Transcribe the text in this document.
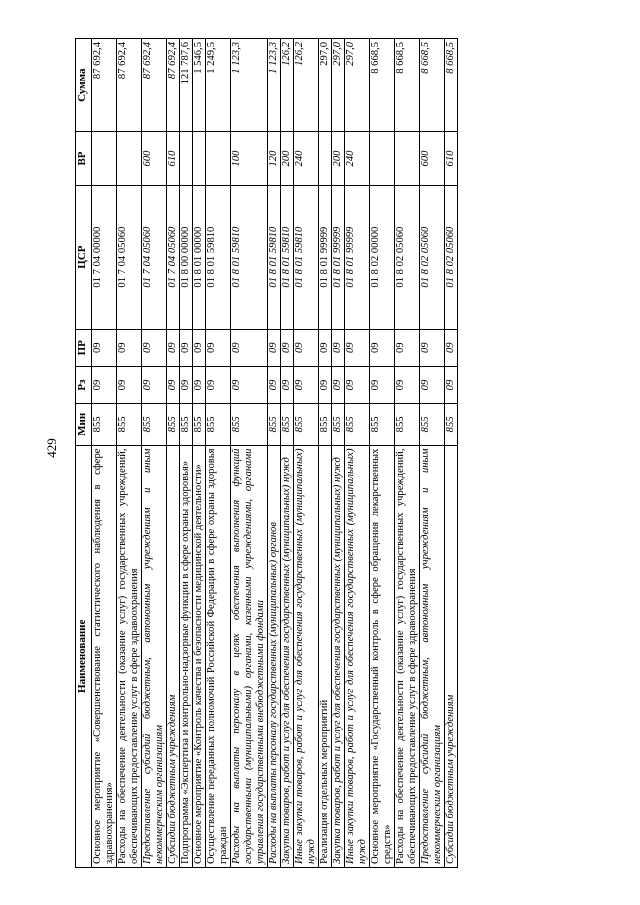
429
Наименование	Мин	Рз	ПР	ЦСР	ВР	Сумма
Основное мероприятие «Совершенствование статистического наблюдения в сфере здравоохранения»	855	09	09	01 7 04 00000		87 692,4
Расходы на обеспечение деятельности (оказание услуг) государственных учреждений, обеспечивающих предоставление услуг в сфере здравоохранения	855	09	09	01 7 04 05060		87 692,4
Предоставление субсидий бюджетным, автономным учреждениям и иным некоммерческим организациям	855	09	09	01 7 04 05060	600	87 692,4
Субсидии бюджетным учреждениям	855	09	09	01 7 04 05060	610	87 692,4
Подпрограмма «Экспертиза и контрольно-надзорные функции в сфере охраны здоровья»	855	09	09	01 8 00 00000		121 787,6
Основное мероприятие «Контроль качества и безопасности медицинской деятельности»	855	09	09	01 8 01 00000		1 546,5
Осуществление переданных полномочий Российской Федерации в сфере охраны здоровья граждан	855	09	09	01 8 01 59810		1 249,5
Расходы на выплаты персоналу в целях обеспечения выполнения функций государственными (муниципальными) органами, казенными учреждениями, органами управления государственными внебюджетными фондами	855	09	09	01 8 01 59810	100	1 123,3
Расходы на выплаты персоналу государственных (муниципальных) органов	855	09	09	01 8 01 59810	120	1 123,3
Закупка товаров, работ и услуг для обеспечения государственных (муниципальных) нужд	855	09	09	01 8 01 59810	200	126,2
Иные закупки товаров, работ и услуг для обеспечения государственных (муниципальных) нужд	855	09	09	01 8 01 59810	240	126,2
Реализация отдельных мероприятий	855	09	09	01 8 01 99999		297,0
Закупка товаров, работ и услуг для обеспечения государственных (муниципальных) нужд	855	09	09	01 8 01 99999	200	297,0
Иные закупки товаров, работ и услуг для обеспечения государственных (муниципальных) нужд	855	09	09	01 8 01 99999	240	297,0
Основное мероприятие «Государственный контроль в сфере обращения лекарственных средств»	855	09	09	01 8 02 00000		8 668,5
Расходы на обеспечение деятельности (оказание услуг) государственных учреждений, обеспечивающих предоставление услуг в сфере здравоохранения	855	09	09	01 8 02 05060		8 668,5
Предоставление субсидий бюджетным, автономным учреждениям и иным некоммерческим организациям	855	09	09	01 8 02 05060	600	8 668,5
Субсидии бюджетным учреждениям	855	09	09	01 8 02 05060	610	8 668,5
